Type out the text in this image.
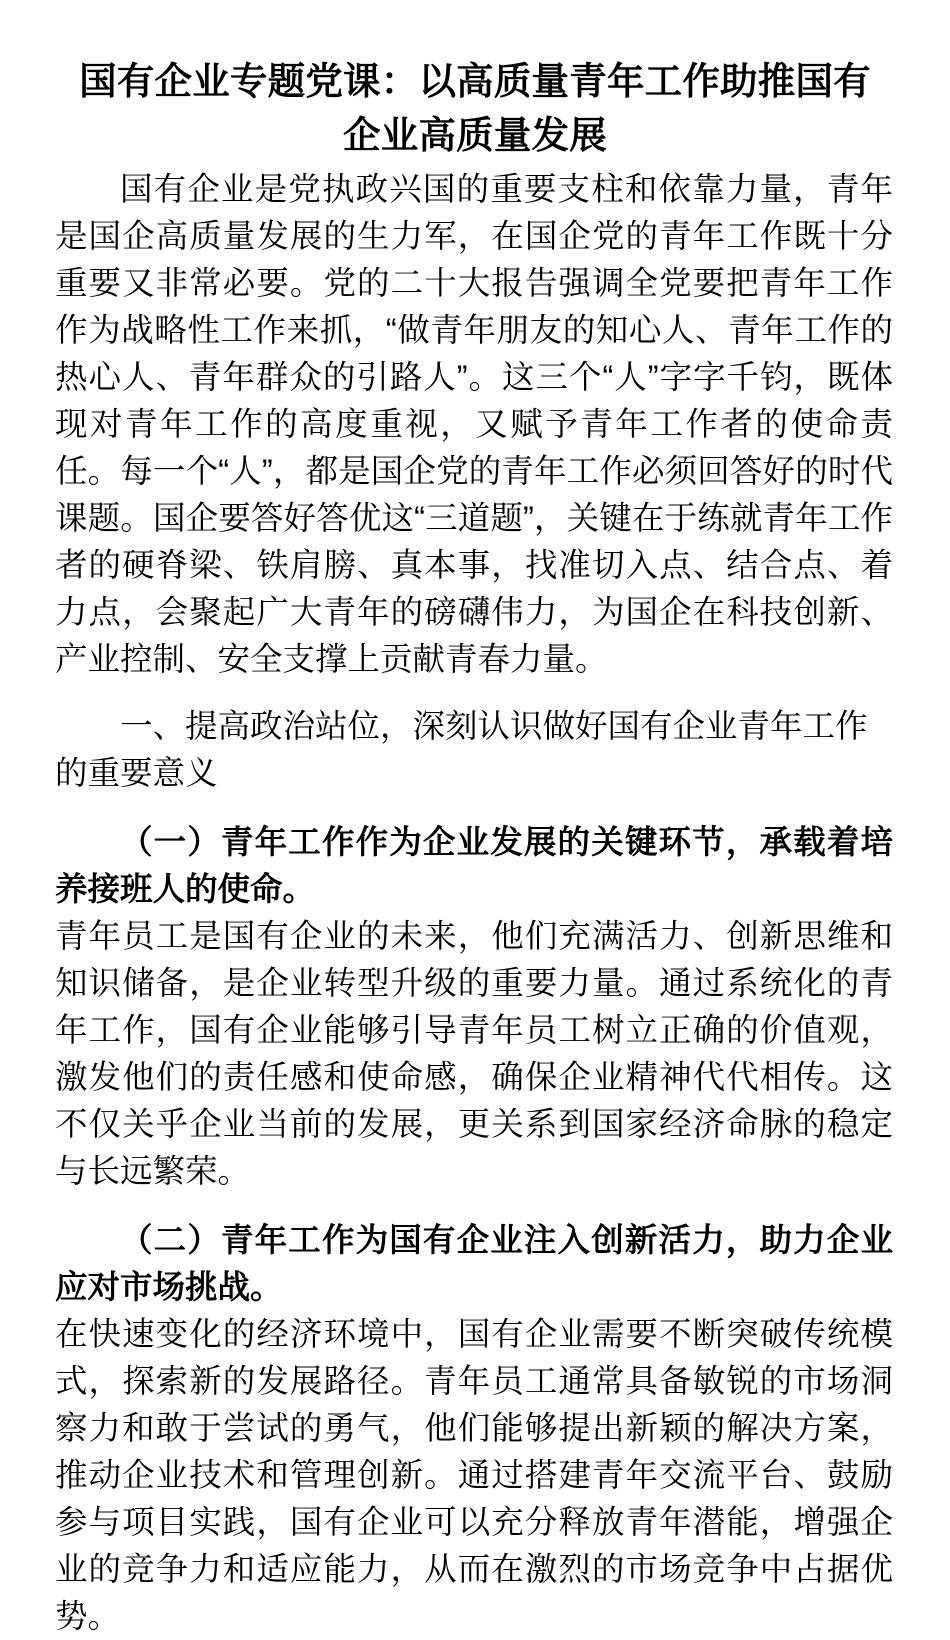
国有企业专题党课：以高质量青年工作助推国有企业高质量发展

国有企业是党执政兴国的重要支柱和依靠力量，青年是国企高质量发展的生力军，在国企党的青年工作既十分重要又非常必要。党的二十大报告强调全党要把青年工作作为战略性工作来抓，“做青年朋友的知心人、青年工作的热心人、青年群众的引路人”。这三个“人”字字千钧，既体现对青年工作的高度重视，又赋予青年工作者的使命责任。每一个“人”，都是国企党的青年工作必须回答好的时代课题。国企要答好答优这“三道题”，关键在于练就青年工作者的硬脊梁、铁肩膀、真本事，找准切入点、结合点、着力点，会聚起广大青年的磅礴伟力，为国企在科技创新、产业控制、安全支撑上贡献青春力量。

一、提高政治站位，深刻认识做好国有企业青年工作的重要意义

（一）青年工作作为企业发展的关键环节，承载着培养接班人的使命。

青年员工是国有企业的未来，他们充满活力、创新思维和知识储备，是企业转型升级的重要力量。通过系统化的青年工作，国有企业能够引导青年员工树立正确的价值观，激发他们的责任感和使命感，确保企业精神代代相传。这不仅关乎企业当前的发展，更关系到国家经济命脉的稳定与长远繁荣。

（二）青年工作为国有企业注入创新活力，助力企业应对市场挑战。

在快速变化的经济环境中，国有企业需要不断突破传统模式，探索新的发展路径。青年员工通常具备敏锐的市场洞察力和敢于尝试的勇气，他们能够提出新颖的解决方案，推动企业技术和管理创新。通过搭建青年交流平台、鼓励参与项目实践，国有企业可以充分释放青年潜能，增强企业的竞争力和适应能力，从而在激烈的市场竞争中占据优势。
